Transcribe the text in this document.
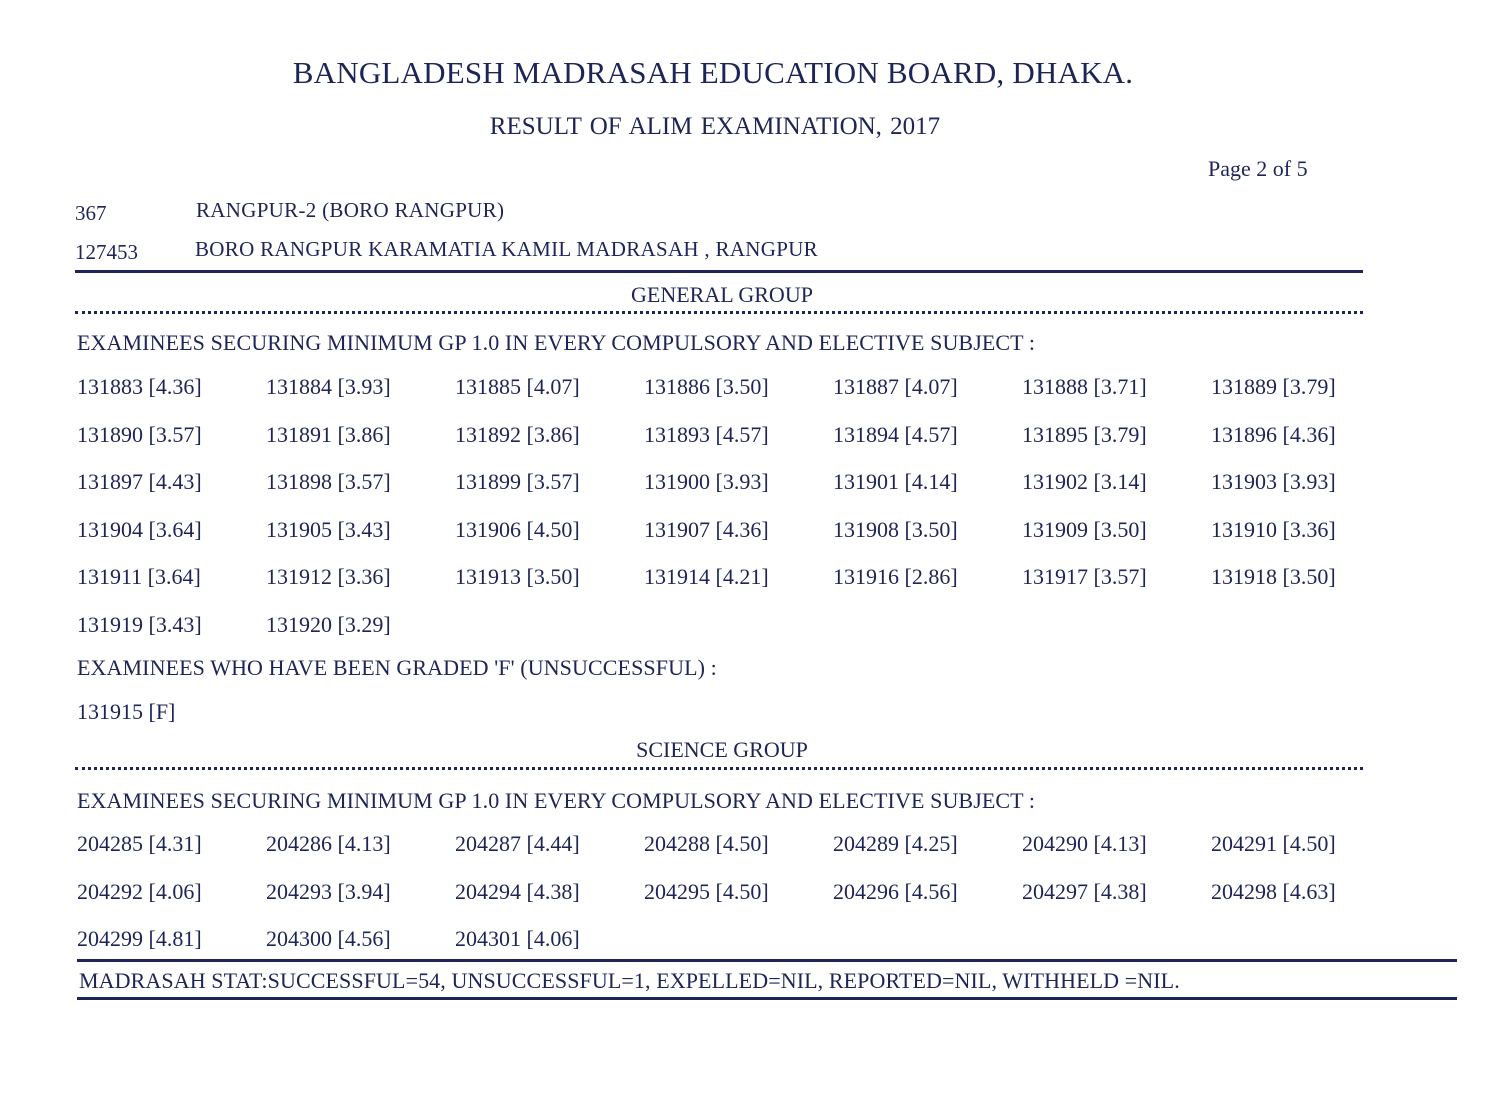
BANGLADESH MADRASAH EDUCATION BOARD, DHAKA.
RESULT OF ALIM EXAMINATION, 2017
Page 2 of 5
367	RANGPUR-2 (BORO RANGPUR)
127453	BORO RANGPUR KARAMATIA KAMIL MADRASAH , RANGPUR
GENERAL GROUP
EXAMINEES SECURING MINIMUM GP 1.0 IN EVERY COMPULSORY AND ELECTIVE SUBJECT :
131883 [4.36]	131884 [3.93]	131885 [4.07]	131886 [3.50]	131887 [4.07]	131888 [3.71]	131889 [3.79]
131890 [3.57]	131891 [3.86]	131892 [3.86]	131893 [4.57]	131894 [4.57]	131895 [3.79]	131896 [4.36]
131897 [4.43]	131898 [3.57]	131899 [3.57]	131900 [3.93]	131901 [4.14]	131902 [3.14]	131903 [3.93]
131904 [3.64]	131905 [3.43]	131906 [4.50]	131907 [4.36]	131908 [3.50]	131909 [3.50]	131910 [3.36]
131911 [3.64]	131912 [3.36]	131913 [3.50]	131914 [4.21]	131916 [2.86]	131917 [3.57]	131918 [3.50]
131919 [3.43]	131920 [3.29]
EXAMINEES WHO HAVE BEEN GRADED 'F' (UNSUCCESSFUL) :
131915 [F]
SCIENCE GROUP
EXAMINEES SECURING MINIMUM GP 1.0 IN EVERY COMPULSORY AND ELECTIVE SUBJECT :
204285 [4.31]	204286 [4.13]	204287 [4.44]	204288 [4.50]	204289 [4.25]	204290 [4.13]	204291 [4.50]
204292 [4.06]	204293 [3.94]	204294 [4.38]	204295 [4.50]	204296 [4.56]	204297 [4.38]	204298 [4.63]
204299 [4.81]	204300 [4.56]	204301 [4.06]
MADRASAH STAT:SUCCESSFUL=54, UNSUCCESSFUL=1, EXPELLED=NIL, REPORTED=NIL, WITHHELD =NIL.
